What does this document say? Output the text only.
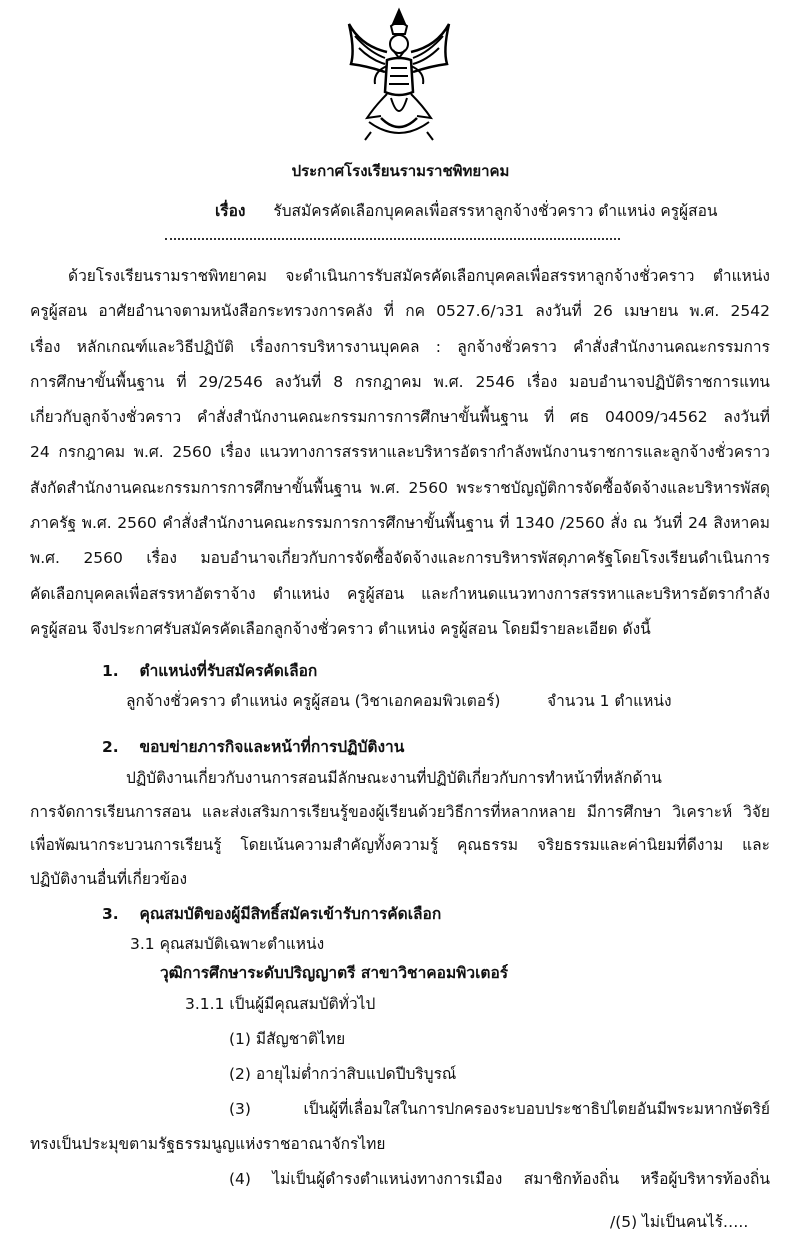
ประกาศโรงเรียนรามราชพิทยาคม
เรื่อง รับสมัครคัดเลือกบุคคลเพื่อสรรหาลูกจ้างชั่วคราว ตำแหน่ง ครูผู้สอน
ด้วยโรงเรียนรามราชพิทยาคม จะดำเนินการรับสมัครคัดเลือกบุคคลเพื่อสรรหาลูกจ้างชั่วคราว ตำแหน่ง
ครูผู้สอน อาศัยอำนาจตามหนังสือกระทรวงการคลัง ที่ กค 0527.6/ว31 ลงวันที่ 26 เมษายน พ.ศ. 2542
เรื่อง หลักเกณฑ์และวิธีปฏิบัติ เรื่องการบริหารงานบุคคล : ลูกจ้างชั่วคราว คำสั่งสำนักงานคณะกรรมการ
การศึกษาขั้นพื้นฐาน ที่ 29/2546 ลงวันที่ 8 กรกฎาคม พ.ศ. 2546 เรื่อง มอบอำนาจปฏิบัติราชการแทน
เกี่ยวกับลูกจ้างชั่วคราว คำสั่งสำนักงานคณะกรรมการการศึกษาขั้นพื้นฐาน ที่ ศธ 04009/ว4562 ลงวันที่
24 กรกฎาคม พ.ศ. 2560 เรื่อง แนวทางการสรรหาและบริหารอัตรากำลังพนักงานราชการและลูกจ้างชั่วคราว
สังกัดสำนักงานคณะกรรมการการศึกษาขั้นพื้นฐาน พ.ศ. 2560 พระราชบัญญัติการจัดซื้อจัดจ้างและบริหารพัสดุ
ภาครัฐ พ.ศ. 2560 คำสั่งสำนักงานคณะกรรมการการศึกษาขั้นพื้นฐาน ที่ 1340 /2560 สั่ง ณ วันที่ 24 สิงหาคม
พ.ศ. 2560 เรื่อง มอบอำนาจเกี่ยวกับการจัดซื้อจัดจ้างและการบริหารพัสดุภาครัฐโดยโรงเรียนดำเนินการ
คัดเลือกบุคคลเพื่อสรรหาอัตราจ้าง ตำแหน่ง ครูผู้สอน และกำหนดแนวทางการสรรหาและบริหารอัตรากำลัง
ครูผู้สอน จึงประกาศรับสมัครคัดเลือกลูกจ้างชั่วคราว ตำแหน่ง ครูผู้สอน โดยมีรายละเอียด ดังนี้
1. ตำแหน่งที่รับสมัครคัดเลือก
ลูกจ้างชั่วคราว ตำแหน่ง ครูผู้สอน (วิชาเอกคอมพิวเตอร์)	จำนวน 1 ตำแหน่ง
2. ขอบข่ายภารกิจและหน้าที่การปฏิบัติงาน
ปฏิบัติงานเกี่ยวกับงานการสอนมีลักษณะงานที่ปฏิบัติเกี่ยวกับการทำหน้าที่หลักด้าน
การจัดการเรียนการสอน และส่งเสริมการเรียนรู้ของผู้เรียนด้วยวิธีการที่หลากหลาย มีการศึกษา วิเคราะห์ วิจัย
เพื่อพัฒนากระบวนการเรียนรู้ โดยเน้นความสำคัญทั้งความรู้ คุณธรรม จริยธรรมและค่านิยมที่ดีงาม และ
ปฏิบัติงานอื่นที่เกี่ยวข้อง
3. คุณสมบัติของผู้มีสิทธิ์สมัครเข้ารับการคัดเลือก
3.1 คุณสมบัติเฉพาะตำแหน่ง
วุฒิการศึกษาระดับปริญญาตรี สาขาวิชาคอมพิวเตอร์
3.1.1 เป็นผู้มีคุณสมบัติทั่วไป
(1) มีสัญชาติไทย
(2) อายุไม่ต่ำกว่าสิบแปดปีบริบูรณ์
(3)	เป็นผู้ที่เลื่อมใสในการปกครองระบอบประชาธิปไตยอันมีพระมหากษัตริย์
ทรงเป็นประมุขตามรัฐธรรมนูญแห่งราชอาณาจักรไทย
(4) ไม่เป็นผู้ดำรงตำแหน่งทางการเมือง สมาชิกท้องถิ่น หรือผู้บริหารท้องถิ่น
/(5) ไม่เป็นคนไร้…..
